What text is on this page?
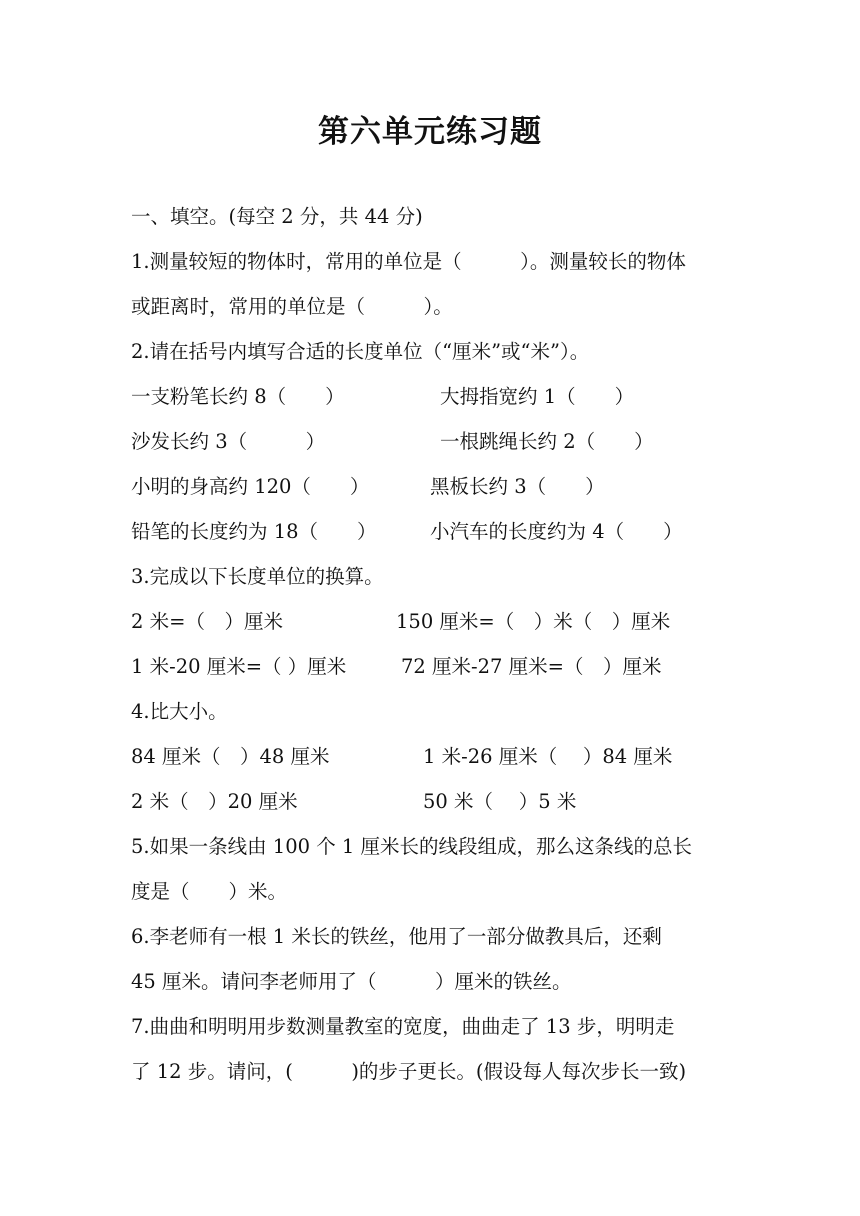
第六单元练习题
一、填空。(每空 2 分，共 44 分)
1.测量较短的物体时，常用的单位是（　　　）。测量较长的物体
或距离时，常用的单位是（　　　）。
2.请在括号内填写合适的长度单位（“厘米”或“米”）。
一支粉笔长约 8（　　）	大拇指宽约 1（　　）
沙发长约 3（　　　）	一根跳绳长约 2（　　）
小明的身高约 120（　　）	黑板长约 3（　　）
铅笔的长度约为 18（　　）	小汽车的长度约为 4（　　）
3.完成以下长度单位的换算。
2 米=（　）厘米	150 厘米=（　）米（　）厘米
1 米-20 厘米=（ ）厘米	72 厘米-27 厘米=（　）厘米
4.比大小。
84 厘米（　）48 厘米	1 米-26 厘米（　 ）84 厘米
2 米（　）20 厘米	50 米（　 ）5 米
5.如果一条线由 100 个 1 厘米长的线段组成，那么这条线的总长
度是（　　）米。
6.李老师有一根 1 米长的铁丝，他用了一部分做教具后，还剩
45 厘米。请问李老师用了（　　　）厘米的铁丝。
7.曲曲和明明用步数测量教室的宽度，曲曲走了 13 步，明明走
了 12 步。请问，(　　　)的步子更长。(假设每人每次步长一致)
